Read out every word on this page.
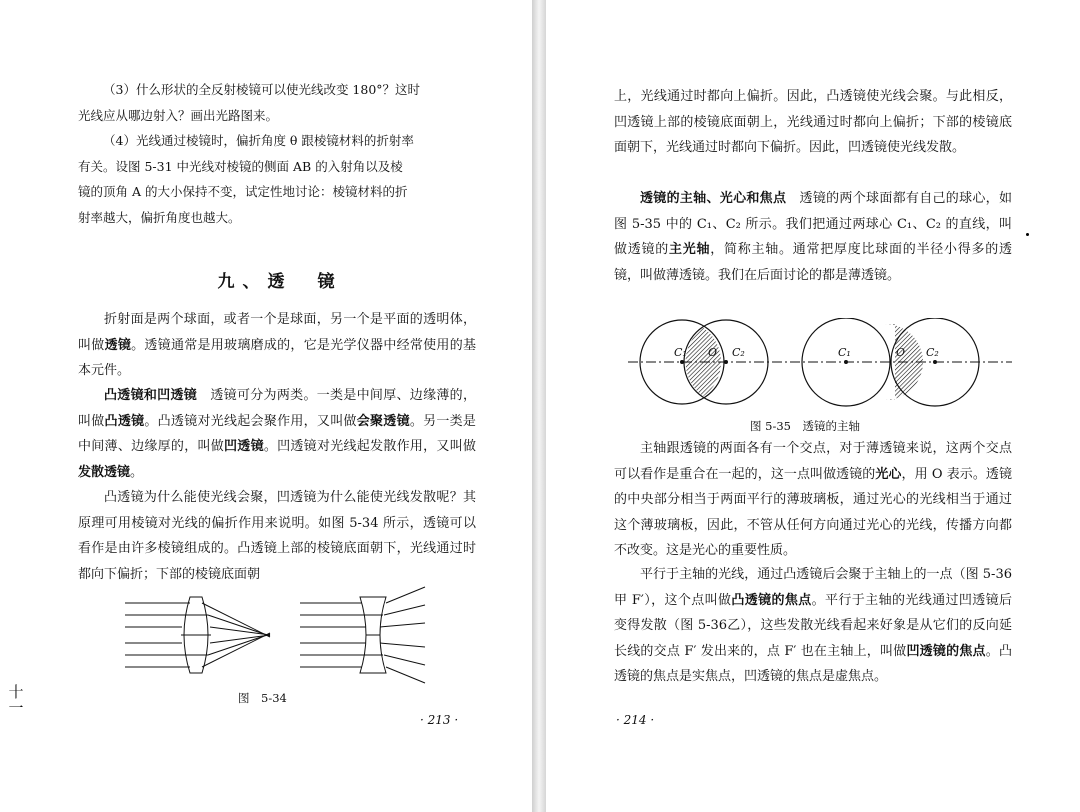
（3）什么形状的全反射棱镜可以使光线改变 180°？这时
光线应从哪边射入？画出光路图来。
（4）光线通过棱镜时，偏折角度 θ 跟棱镜材料的折射率
有关。设图 5-31 中光线对棱镜的侧面 AB 的入射角以及棱
镜的顶角 A 的大小保持不变，试定性地讨论：棱镜材料的折
射率越大，偏折角度也越大。
九、透　镜

折射面是两个球面，或者一个是球面，另一个是平面的透明体，叫做透镜。透镜通常是用玻璃磨成的，它是光学仪器中经常使用的基本元件。

凸透镜和凹透镜　透镜可分为两类。一类是中间厚、边缘薄的，叫做凸透镜。凸透镜对光线起会聚作用，又叫做会聚透镜。另一类是中间薄、边缘厚的，叫做凹透镜。凹透镜对光线起发散作用，又叫做发散透镜。

凸透镜为什么能使光线会聚，凹透镜为什么能使光线发散呢？其原理可用棱镜对光线的偏折作用来说明。如图 5-34 所示，透镜可以看作是由许多棱镜组成的。凸透镜上部的棱镜底面朝下，光线通过时都向下偏折；下部的棱镜底面朝

图　5-34
· 213 ·
十一

上，光线通过时都向上偏折。因此，凸透镜使光线会聚。与此相反，凹透镜上部的棱镜底面朝上，光线通过时都向上偏折；下部的棱镜底面朝下，光线通过时都向下偏折。因此，凹透镜使光线发散。

透镜的主轴、光心和焦点　透镜的两个球面都有自己的球心，如图 5-35 中的 C₁、C₂ 所示。我们把通过两球心 C₁、C₂ 的直线，叫做透镜的主光轴，简称主轴。通常把厚度比球面的半径小得多的透镜，叫做薄透镜。我们在后面讨论的都是薄透镜。

C₁ O C₂	C₁	O C₂
图 5-35　透镜的主轴

主轴跟透镜的两面各有一个交点，对于薄透镜来说，这两个交点可以看作是重合在一起的，这一点叫做透镜的光心，用 O 表示。透镜的中央部分相当于两面平行的薄玻璃板，通过光心的光线相当于通过这个薄玻璃板，因此，不管从任何方向通过光心的光线，传播方向都不改变。这是光心的重要性质。

平行于主轴的光线，通过凸透镜后会聚于主轴上的一点（图 5-36 甲 F′），这个点叫做凸透镜的焦点。平行于主轴的光线通过凹透镜后变得发散（图 5-36乙），这些发散光线看起来好象是从它们的反向延长线的交点 F′ 发出来的，点 F′ 也在主轴上，叫做凹透镜的焦点。凸透镜的焦点是实焦点，凹透镜的焦点是虚焦点。

· 214 ·
